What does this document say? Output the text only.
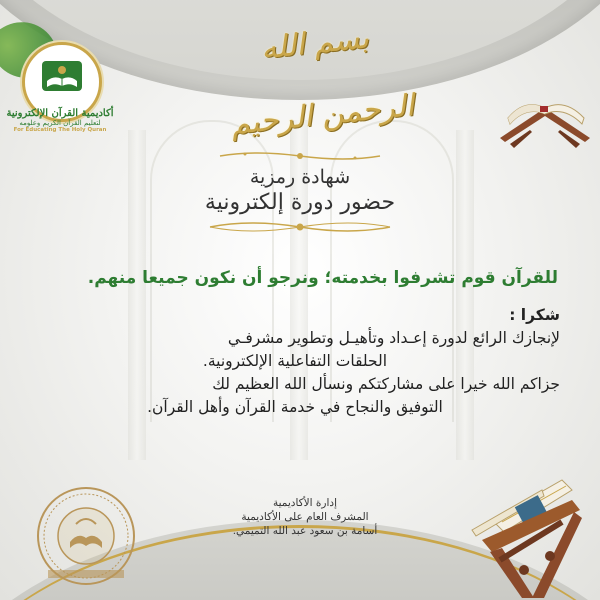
أكاديمية القرآن الإلكترونية
لتعليم القرآن الكريم وعلومه
For Educating The Holy Quran
بسم الله الرحمن الرحيم
شهادة رمزية
حضور دورة إلكترونية
للقرآن قوم تشرفوا بخدمته؛ ونرجو أن نكون جميعا منهم.
شكرا :
لإنجازك الرائع لدورة إعـداد وتأهيـل وتطوير مشرفـي
الحلقات التفاعلية الإلكترونية.
جزاكم الله خيرا على مشاركتكم ونسأل الله العظيم لك
التوفيق والنجاح في خدمة القرآن وأهل القرآن.
إدارة الأكاديمية
المشرف العام على الأكاديمية
أسامة بن سعود عبد الله التميمي.
